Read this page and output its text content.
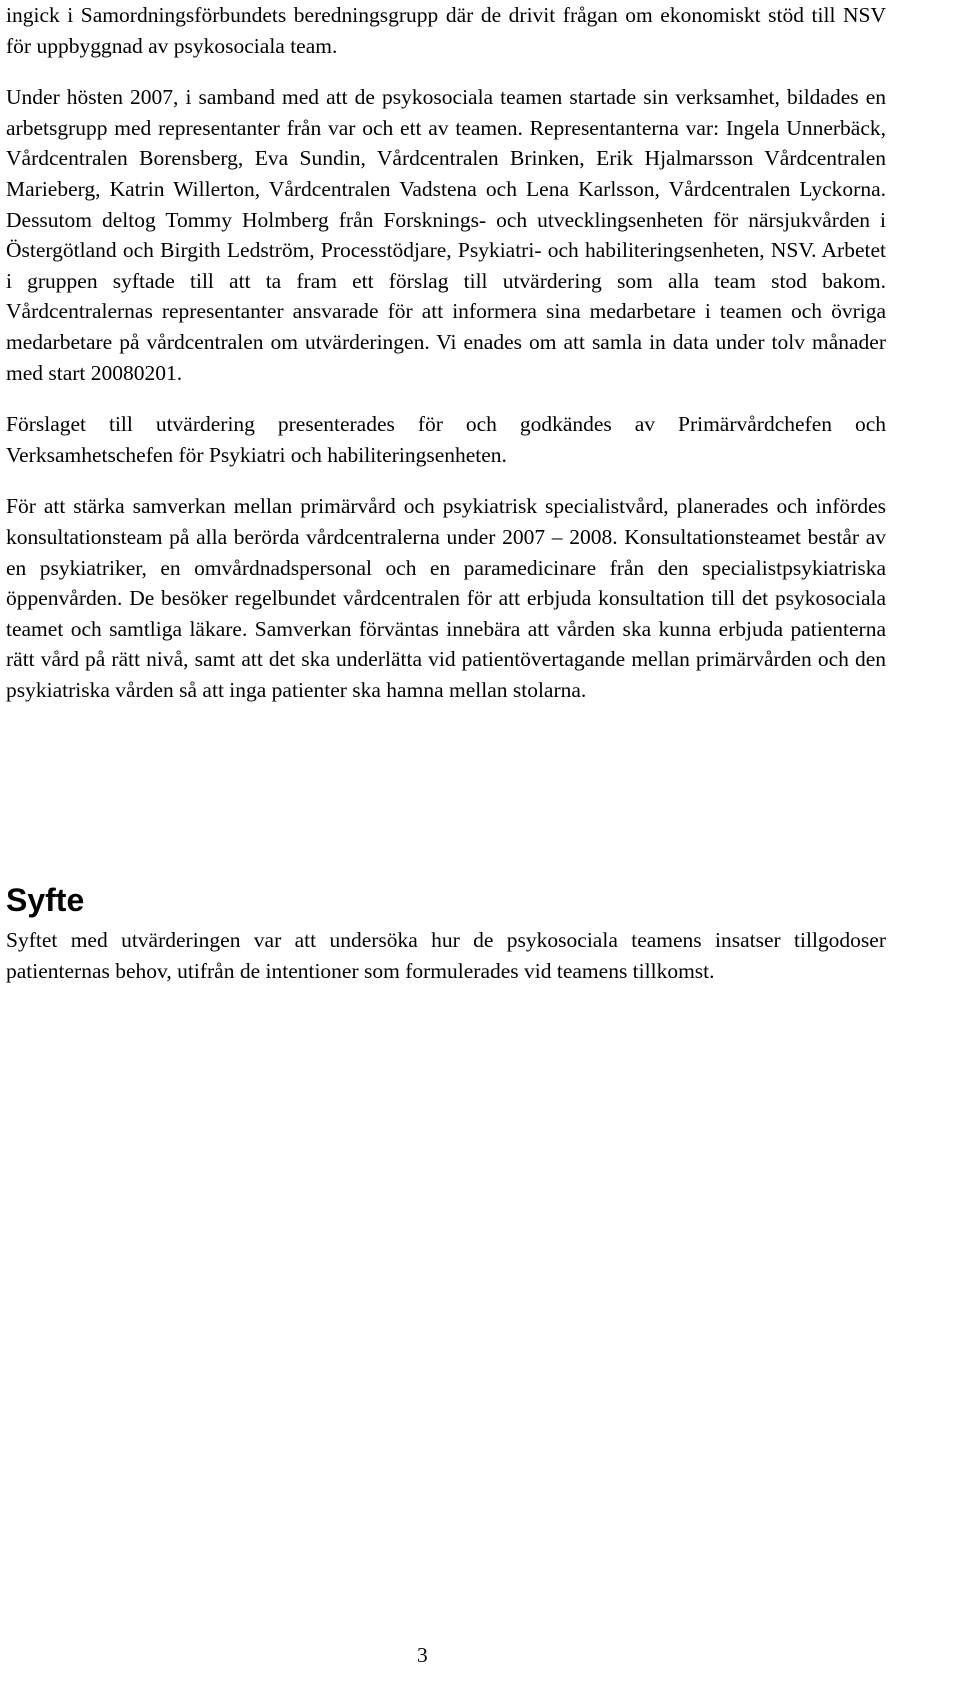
ingick i Samordningsförbundets beredningsgrupp där de drivit frågan om ekonomiskt stöd till NSV för uppbyggnad av psykosociala team.

Under hösten 2007, i samband med att de psykosociala teamen startade sin verksamhet, bildades en arbetsgrupp med representanter från var och ett av teamen. Representanterna var: Ingela Unnerbäck, Vårdcentralen Borensberg, Eva Sundin, Vårdcentralen Brinken, Erik Hjalmarsson Vårdcentralen Marieberg, Katrin Willerton, Vårdcentralen Vadstena och Lena Karlsson, Vårdcentralen Lyckorna. Dessutom deltog Tommy Holmberg från Forsknings- och utvecklingsenheten för närsjukvården i Östergötland och Birgith Ledström, Processtödjare, Psykiatri- och habiliteringsenheten, NSV. Arbetet i gruppen syftade till att ta fram ett förslag till utvärdering som alla team stod bakom. Vårdcentralernas representanter ansvarade för att informera sina medarbetare i teamen och övriga medarbetare på vårdcentralen om utvärderingen. Vi enades om att samla in data under tolv månader med start 20080201.

Förslaget till utvärdering presenterades för och godkändes av Primärvårdchefen och Verksamhetschefen för Psykiatri och habiliteringsenheten.

För att stärka samverkan mellan primärvård och psykiatrisk specialistvård, planerades och infördes konsultationsteam på alla berörda vårdcentralerna under 2007 – 2008. Konsultationsteamet består av en psykiatriker, en omvårdnadspersonal och en paramedicinare från den specialistpsykiatriska öppenvården. De besöker regelbundet vårdcentralen för att erbjuda konsultation till det psykosociala teamet och samtliga läkare. Samverkan förväntas innebära att vården ska kunna erbjuda patienterna rätt vård på rätt nivå, samt att det ska underlätta vid patientövertagande mellan primärvården och den psykiatriska vården så att inga patienter ska hamna mellan stolarna.

Syfte

Syftet med utvärderingen var att undersöka hur de psykosociala teamens insatser tillgodoser patienternas behov, utifrån de intentioner som formulerades vid teamens tillkomst.

3
